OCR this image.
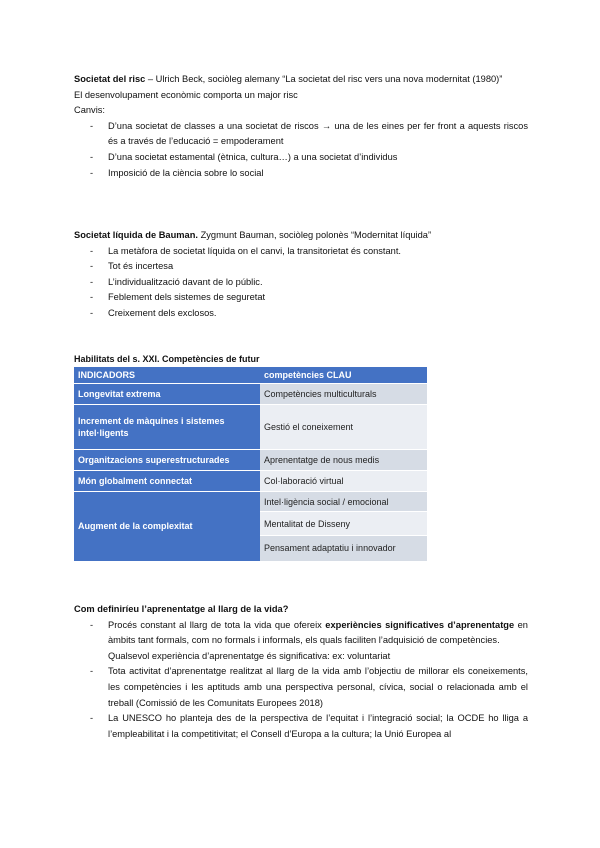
Societat del risc – Ulrich Beck, sociòleg alemany “La societat del risc vers una nova modernitat (1980)”

El desenvolupament econòmic comporta un major risc

Canvis:

- D’una societat de classes a una societat de riscos → una de les eines per fer front a aquests riscos és a través de l’educació = empoderament
- D’una societat estamental (ètnica, cultura…) a una societat d’individus
- Imposició de la ciència sobre lo social

Societat líquida de Bauman. Zygmunt Bauman, sociòleg polonès “Modernitat líquida”

- La metàfora de societat líquida on el canvi, la transitorietat és constant.
- Tot és incertesa
- L’individualització davant de lo públic.
- Feblement dels sistemes de seguretat
- Creixement dels exclosos.
Habilitats del s. XXI. Competències de futur
INDICADORS	competències CLAU
Longevitat extrema	Competències multiculturals
Increment de màquines i sistemes intel·ligents	Gestió el coneixement
Organitzacions superestructurades	Aprenentatge de nous medis
Món globalment connectat	Col·laboració virtual
Augment de la complexitat	Intel·ligència social / emocional
	Mentalitat de Disseny
	Pensament adaptatiu i innovador

Com definiríeu l’aprenentatge al llarg de la vida?

- Procés constant al llarg de tota la vida que ofereix experiències significatives d’aprenentatge en àmbits tant formals, com no formals i informals, els quals faciliten l’adquisició de competències.

Qualsevol experiència d’aprenentatge és significativa: ex: voluntariat

- Tota activitat d’aprenentatge realitzat al llarg de la vida amb l’objectiu de millorar els coneixements, les competències i les aptituds amb una perspectiva personal, cívica, social o relacionada amb el treball (Comissió de les Comunitats Europees 2018)
- La UNESCO ho planteja des de la perspectiva de l’equitat i l’integració social; la OCDE ho lliga a l’empleabilitat i la competitivitat; el Consell d’Europa a la cultura; la Unió Europea al
